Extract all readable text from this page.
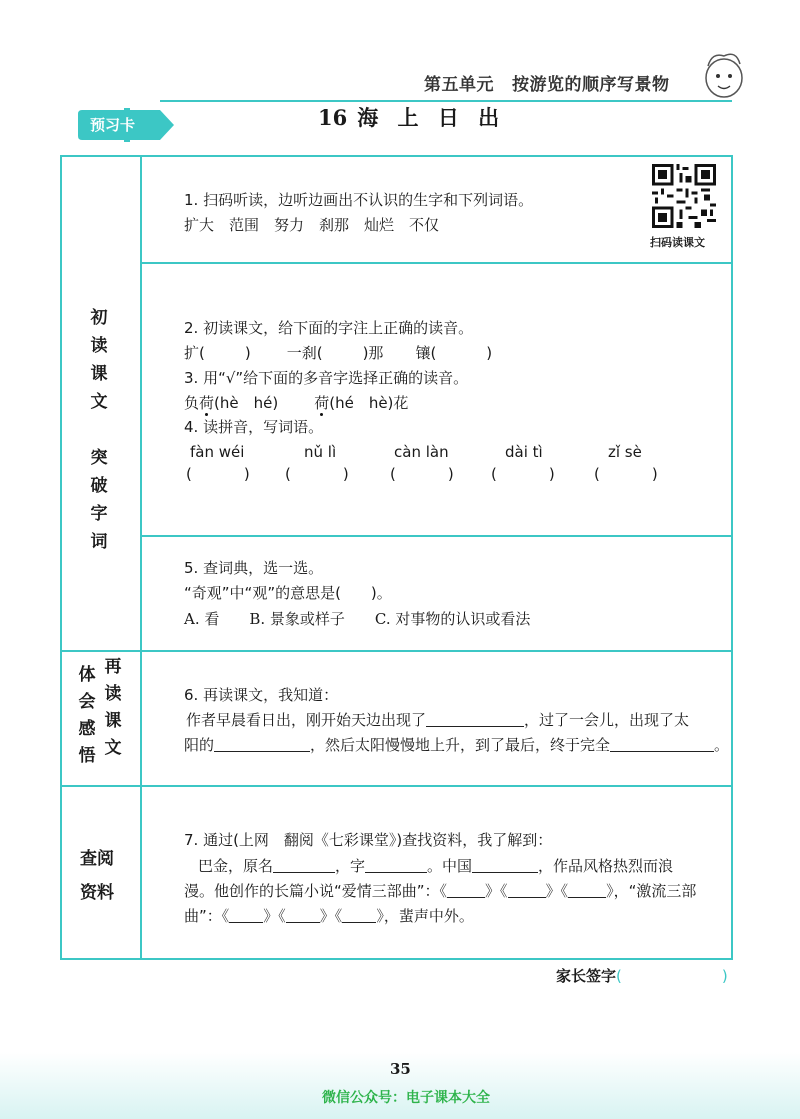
第五单元 按游览的顺序写景物
16 海 上 日 出
预习卡
初
读
课
文

突
破
字
词
体
会
感
悟
再
读
课
文
查阅
资料
扫码读课文
1. 扫码听读，边听边画出不认识的生字和下列词语。
扩大　范围　努力　刹那　灿烂　不仅
2. 初读课文，给下面的字注上正确的读音。
扩(	) 一刹(	)那 镶(	)
3. 用“√”给下面的多音字选择正确的读音。
负荷(hè　hé) 荷(hé　hè)花
4. 读拼音，写词语。
fàn wéi	nǔ lì	càn làn	dài tì	zǐ sè
(	) (	)	(	) (	)	(	)
5. 查词典，选一选。
“奇观”中“观”的意思是(　　)。
A. 看　　B. 景象或样子　　C. 对事物的认识或看法
6. 再读课文，我知道：
作者早晨看日出，刚开始天边出现了	，过了一会儿，出现了太
阳的	，然后太阳慢慢地上升，到了最后，终于完全	。
7. 通过(上网　翻阅《七彩课堂》)查找资料，我了解到：
巴金，原名	，字	。中国	，作品风格热烈而浪
漫。他创作的长篇小说“爱情三部曲”：《	》《	》《	》，“激流三部
曲”：《 》《 》《 》，蜚声中外。
家长签字(	)
35
微信公众号：电子课本大全
